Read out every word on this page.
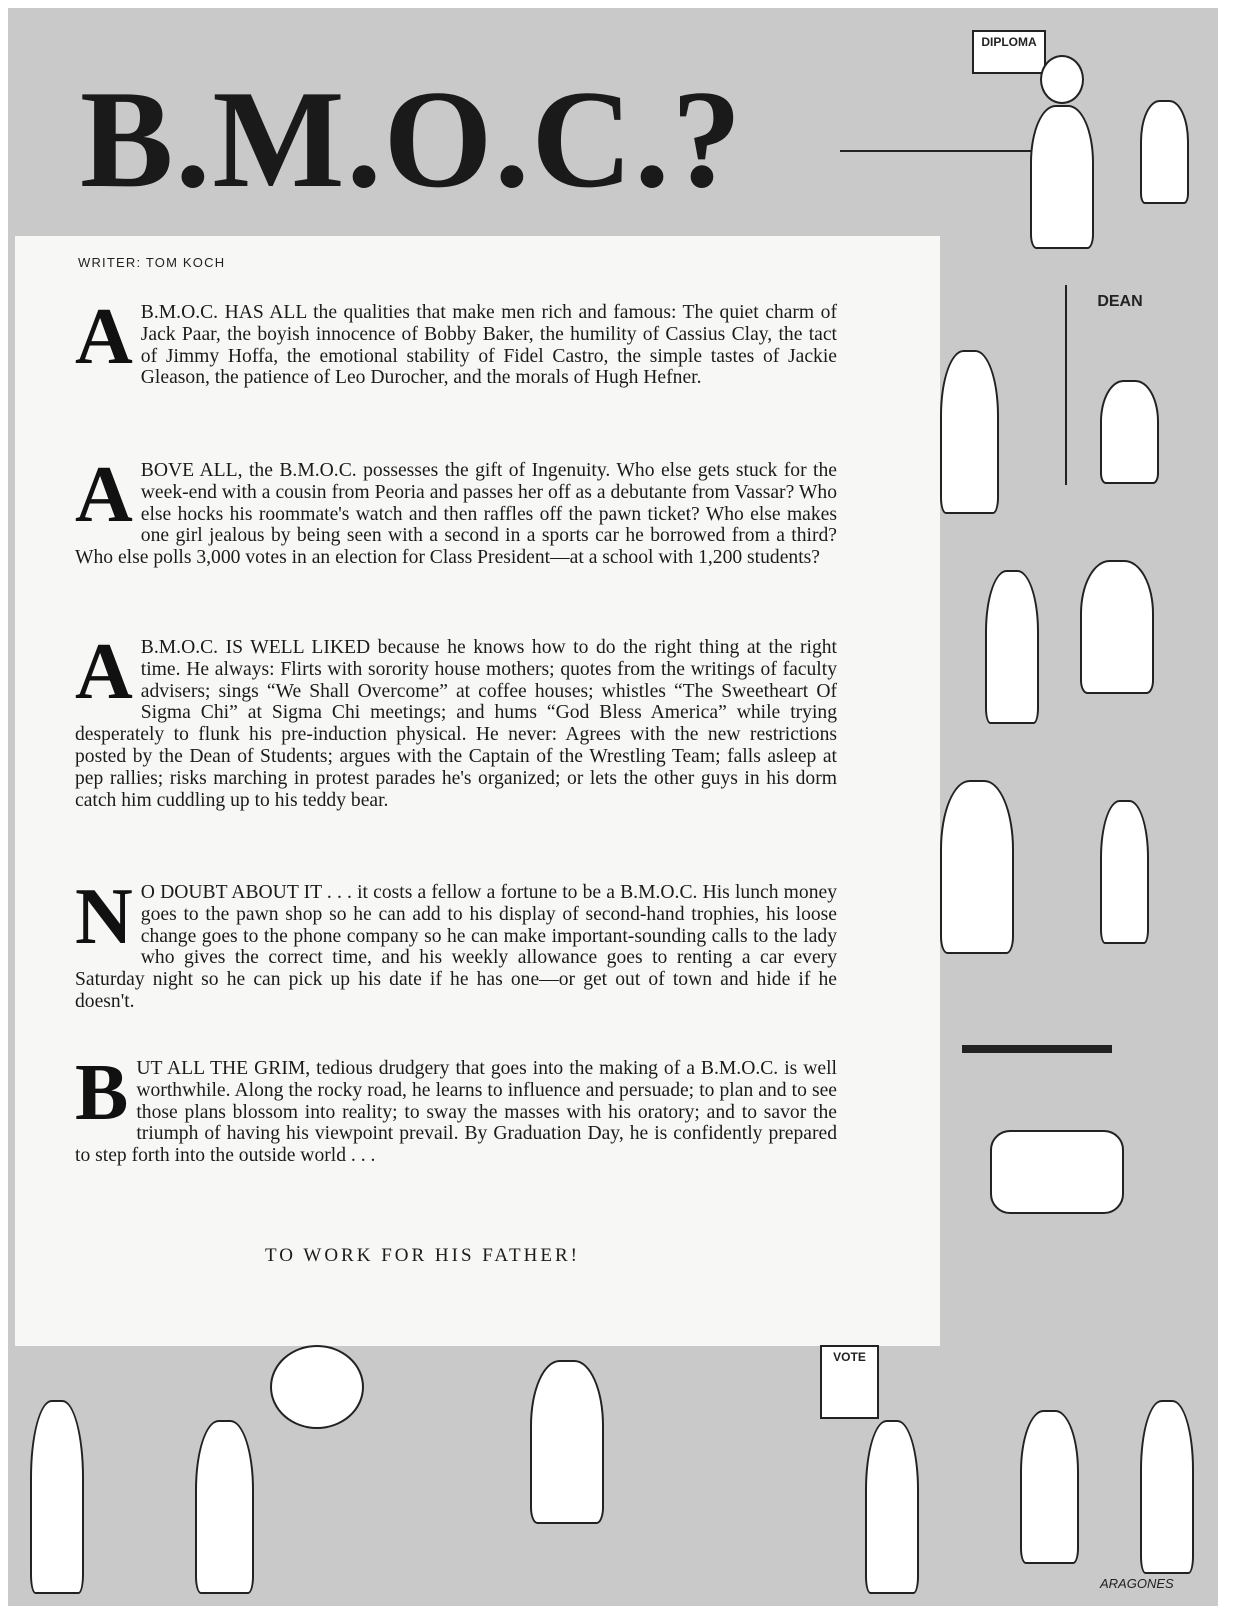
B.M.O.C.?
WRITER: TOM KOCH
A B.M.O.C. HAS ALL the qualities that make men rich and famous: The quiet charm of Jack Paar, the boyish innocence of Bobby Baker, the humility of Cassius Clay, the tact of Jimmy Hoffa, the emotional stability of Fidel Castro, the simple tastes of Jackie Gleason, the patience of Leo Durocher, and the morals of Hugh Hefner.
ABOVE ALL, the B.M.O.C. possesses the gift of Ingenuity. Who else gets stuck for the week-end with a cousin from Peoria and passes her off as a debutante from Vassar? Who else hocks his roommate's watch and then raffles off the pawn ticket? Who else makes one girl jealous by being seen with a second in a sports car he borrowed from a third? Who else polls 3,000 votes in an election for Class President—at a school with 1,200 students?
A B.M.O.C. IS WELL LIKED because he knows how to do the right thing at the right time. He always: Flirts with sorority house mothers; quotes from the writings of faculty advisers; sings “We Shall Overcome” at coffee houses; whistles “The Sweetheart Of Sigma Chi” at Sigma Chi meetings; and hums “God Bless America” while trying desperately to flunk his pre-induction physical. He never: Agrees with the new restrictions posted by the Dean of Students; argues with the Captain of the Wrestling Team; falls asleep at pep rallies; risks marching in protest parades he's organized; or lets the other guys in his dorm catch him cuddling up to his teddy bear.
N O DOUBT ABOUT IT . . . it costs a fellow a fortune to be a B.M.O.C. His lunch money goes to the pawn shop so he can add to his display of second-hand trophies, his loose change goes to the phone company so he can make important-sounding calls to the lady who gives the correct time, and his weekly allowance goes to renting a car every Saturday night so he can pick up his date if he has one—or get out of town and hide if he doesn't.
BUT ALL THE GRIM, tedious drudgery that goes into the making of a B.M.O.C. is well worthwhile. Along the rocky road, he learns to influence and persuade; to plan and to see those plans blossom into reality; to sway the masses with his oratory; and to savor the triumph of having his viewpoint prevail. By Graduation Day, he is confidently prepared to step forth into the outside world . . .
TO WORK FOR HIS FATHER!
DIPLOMA
DEAN
VOTE
ARAGONES
